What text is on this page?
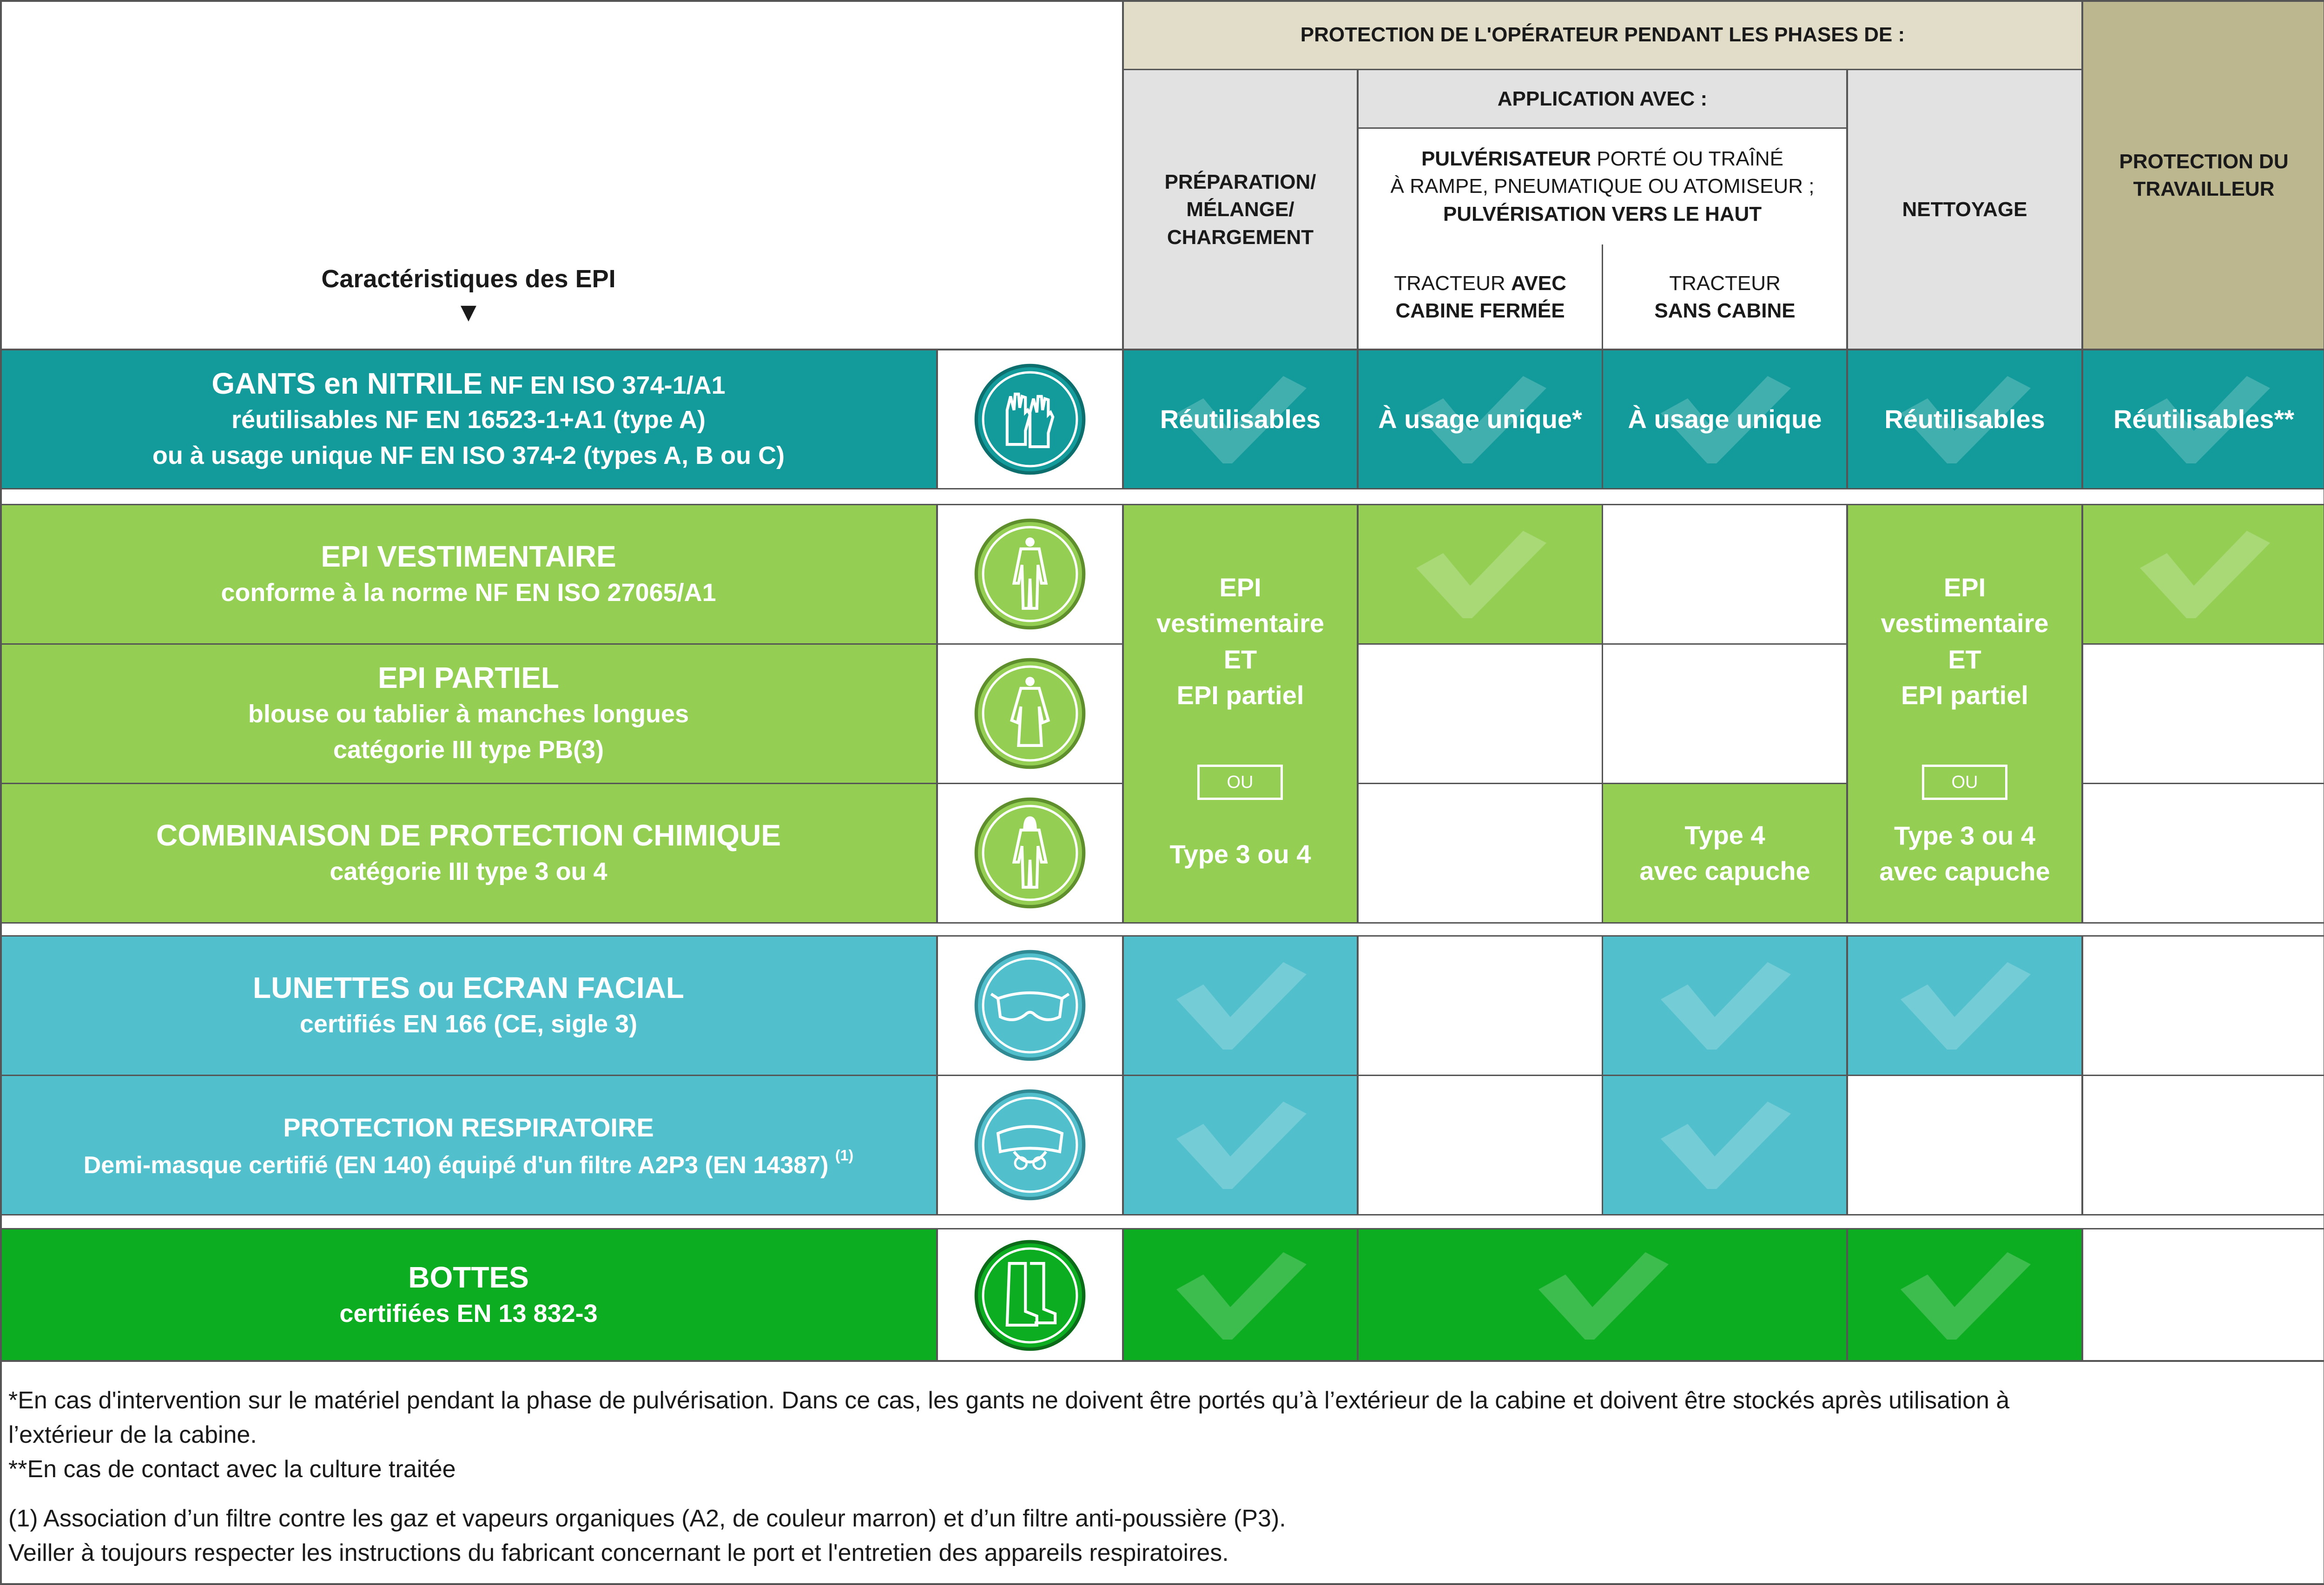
Caractéristiques des EPI
▼
PROTECTION DE L'OPÉRATEUR PENDANT LES PHASES DE :
PRÉPARATION/
MÉLANGE/
CHARGEMENT
APPLICATION AVEC :
PULVÉRISATEUR PORTÉ OU TRAÎNÉ
À RAMPE, PNEUMATIQUE OU ATOMISEUR ;
PULVÉRISATION VERS LE HAUT
TRACTEUR AVEC
CABINE FERMÉE
TRACTEUR
SANS CABINE
NETTOYAGE
PROTECTION DU
TRAVAILLEUR
GANTS en NITRILE NF EN ISO 374-1/A1
réutilisables NF EN 16523-1+A1 (type A)
ou à usage unique NF EN ISO 374-2 (types A, B ou C)
Réutilisables À usage unique* À usage unique Réutilisables	Réutilisables**
EPI VESTIMENTAIRE
conforme à la norme NF EN ISO 27065/A1
EPI PARTIEL
blouse ou tablier à manches longues
catégorie III type PB(3)
COMBINAISON DE PROTECTION CHIMIQUE
catégorie III type 3 ou 4
EPI
vestimentaire
ET
EPI partiel
OU
Type 3 ou 4
Type 4
avec capuche
EPI
vestimentaire
ET
EPI partiel
OU
Type 3 ou 4
avec capuche
LUNETTES ou ECRAN FACIAL
certifiés EN 166 (CE, sigle 3)
PROTECTION RESPIRATOIRE
Demi-masque certifié (EN 140) équipé d'un filtre A2P3 (EN 14387) $^{(1)}$
BOTTES
certifiées EN 13 832-3
*En cas d'intervention sur le matériel pendant la phase de pulvérisation. Dans ce cas, les gants ne doivent être portés qu’à l’extérieur de la cabine et doivent être stockés après utilisation à
l’extérieur de la cabine.
**En cas de contact avec la culture traitée
(1) Association d’un filtre contre les gaz et vapeurs organiques (A2, de couleur marron) et d’un filtre anti-poussière (P3).
Veiller à toujours respecter les instructions du fabricant concernant le port et l'entretien des appareils respiratoires.
